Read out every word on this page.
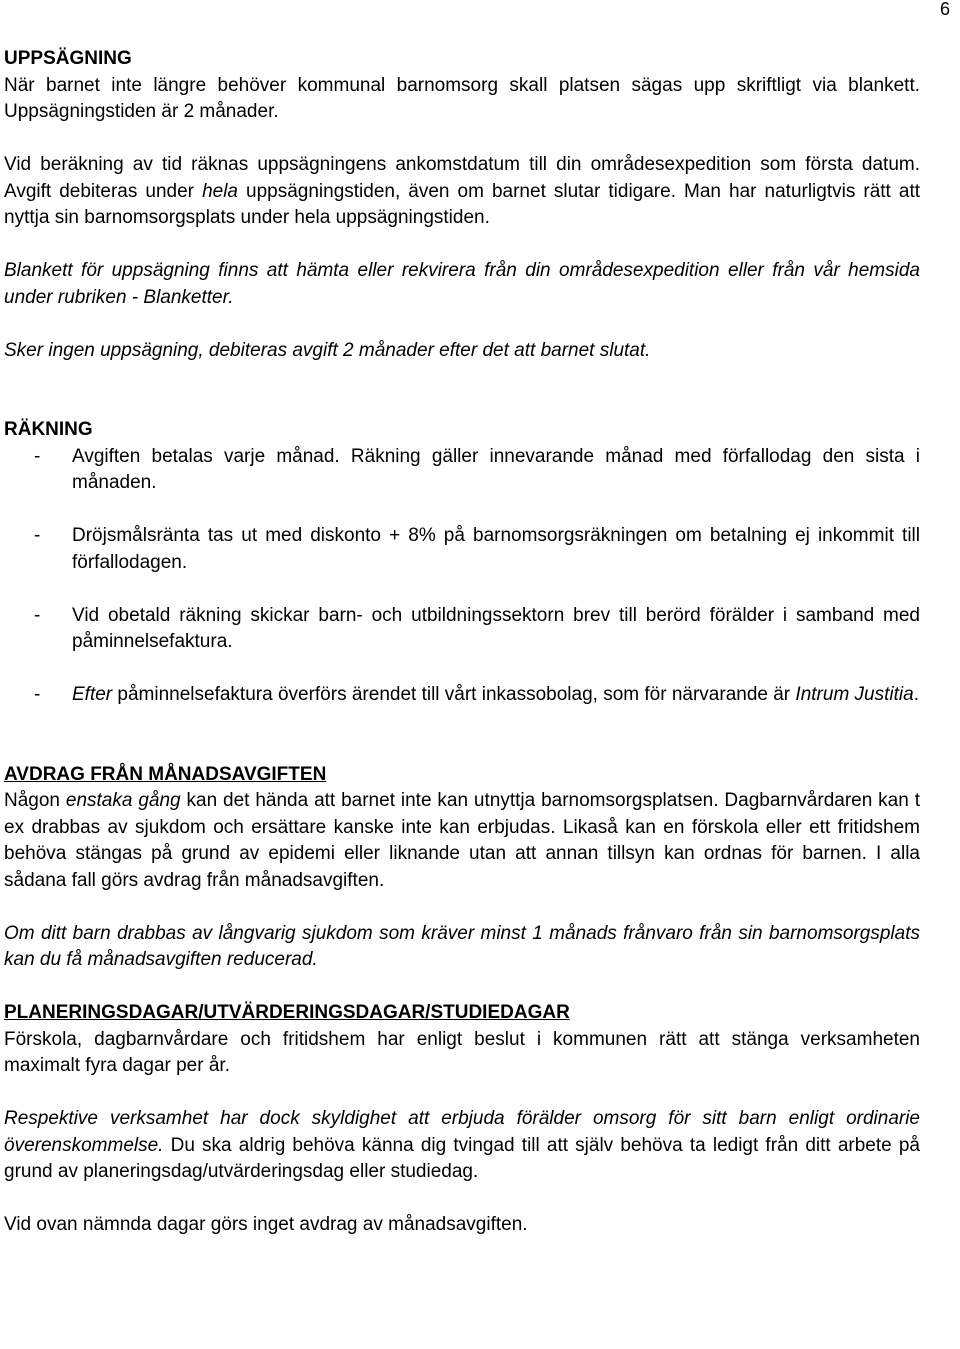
6
UPPSÄGNING

När barnet inte längre behöver kommunal barnomsorg skall platsen sägas upp skriftligt via blankett. Uppsägningstiden är 2 månader.

Vid beräkning av tid räknas uppsägningens ankomstdatum till din områdesexpedition som första datum. Avgift debiteras under hela uppsägningstiden, även om barnet slutar tidigare. Man har naturligtvis rätt att nyttja sin barnomsorgsplats under hela uppsägningstiden.

Blankett för uppsägning finns att hämta eller rekvirera från din områdesexpedition eller från vår hemsida under rubriken - Blanketter.

Sker ingen uppsägning, debiteras avgift 2 månader efter det att barnet slutat.

RÄKNING
-	Avgiften betalas varje månad. Räkning gäller innevarande månad med förfallodag den sista i månaden.
-	Dröjsmålsränta tas ut med diskonto + 8% på barnomsorgsräkningen om betalning ej inkommit till förfallodagen.
-	Vid obetald räkning skickar barn- och utbildningssektorn brev till berörd förälder i samband med påminnelsefaktura.
-	Efter påminnelsefaktura överförs ärendet till vårt inkassobolag, som för närvarande är Intrum Justitia.
AVDRAG FRÅN MÅNADSAVGIFTEN

Någon enstaka gång kan det hända att barnet inte kan utnyttja barnomsorgsplatsen. Dagbarnvårdaren kan t ex drabbas av sjukdom och ersättare kanske inte kan erbjudas. Likaså kan en förskola eller ett fritidshem behöva stängas på grund av epidemi eller liknande utan att annan tillsyn kan ordnas för barnen. I alla sådana fall görs avdrag från månadsavgiften.

Om ditt barn drabbas av långvarig sjukdom som kräver minst 1 månads frånvaro från sin barnomsorgsplats kan du få månadsavgiften reducerad.

PLANERINGSDAGAR/UTVÄRDERINGSDAGAR/STUDIEDAGAR

Förskola, dagbarnvårdare och fritidshem har enligt beslut i kommunen rätt att stänga verksamheten maximalt fyra dagar per år.

Respektive verksamhet har dock skyldighet att erbjuda förälder omsorg för sitt barn enligt ordinarie överenskommelse. Du ska aldrig behöva känna dig tvingad till att själv behöva ta ledigt från ditt arbete på grund av planeringsdag/utvärderingsdag eller studiedag.

Vid ovan nämnda dagar görs inget avdrag av månadsavgiften.
